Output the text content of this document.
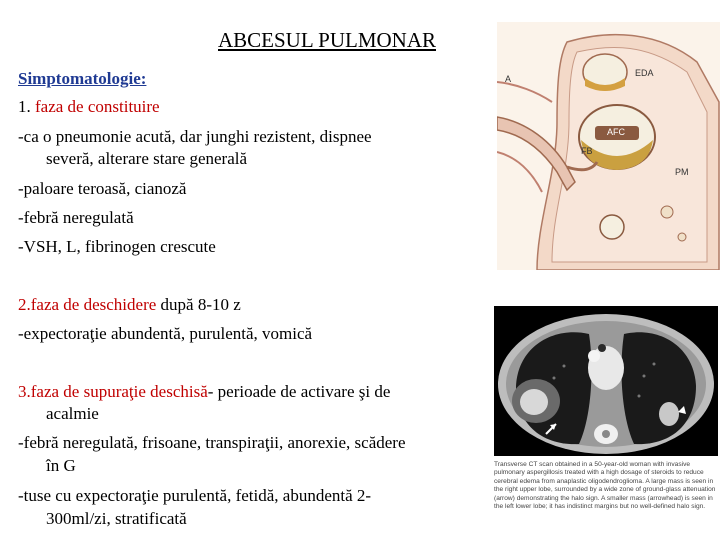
ABCESUL PULMONAR
Simptomatologie:
1. faza de constituire
-ca o pneumonie acută, dar junghi rezistent, dispnee
severă, alterare stare generală
-paloare teroasă, cianoză
-febră neregulată
-VSH, L, fibrinogen crescute
2.faza de deschidere după 8-10 z
-expectoraţie abundentă, purulentă, vomică
3.faza de supuraţie deschisă- perioade de activare şi de
acalmie
-febră neregulată, frisoane, transpiraţii, anorexie, scădere
în G
-tuse cu expectoraţie purulentă, fetidă, abundentă 2-
300ml/zi, stratificată
A
EDA
AFC
FB
PM
Transverse CT scan obtained in a 50-year-old woman with invasive pulmonary aspergillosis treated with a high dosage of steroids to reduce cerebral edema from anaplastic oligodendroglioma. A large mass is seen in the right upper lobe, surrounded by a wide zone of ground-glass attenuation (arrow) demonstrating the halo sign. A smaller mass (arrowhead) is seen in the left lower lobe; it has indistinct margins but no well-defined halo sign.
